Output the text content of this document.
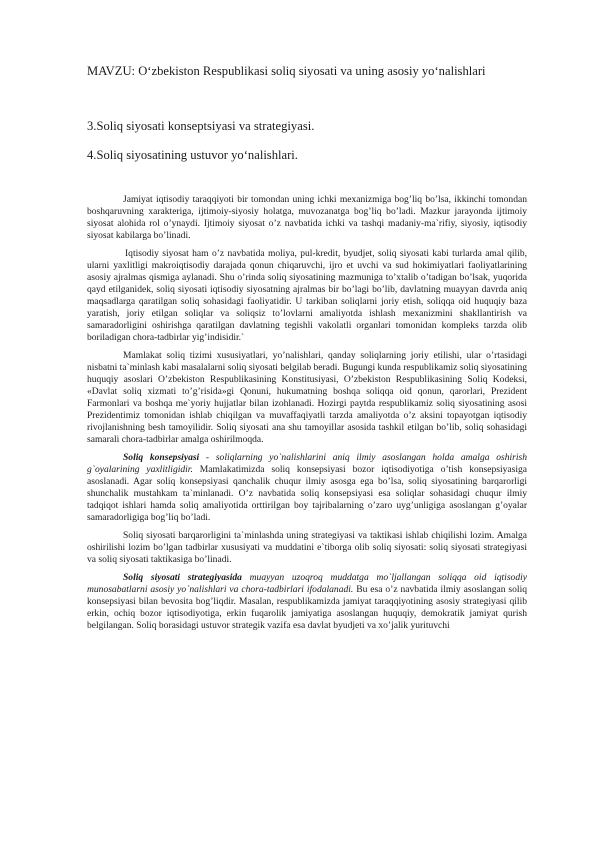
MAVZU: O‘zbekiston Respublikasi soliq siyosati va uning asosiy yo‘nalishlari
3.Soliq siyosati konseptsiyasi va strategiyasi.
4.Soliq siyosatining ustuvor yo‘nalishlari.

Jamiyat iqtisodiy taraqqiyoti bir tomondan uning ichki mexanizmiga bog’liq bo’lsa, ikkinchi tomondan boshqaruvning xarakteriga, ijtimoiy-siyosiy holatga, muvozanatga bog’liq bo’ladi. Mazkur jarayonda ijtimoiy siyosat alohida rol o’ynaydi. Ijtimoiy siyosat o’z navbatida ichki va tashqi madaniy-ma`rifiy, siyosiy, iqtisodiy siyosat kabilarga bo’linadi.

Iqtisodiy siyosat ham o’z navbatida moliya, pul-kredit, byudjet, soliq siyosati kabi turlarda amal qilib, ularni yaxlitligi makroiqtisodiy darajada qonun chiqaruvchi, ijro et uvchi va sud hokimiyatlari faoliyatlarining asosiy ajralmas qismiga aylanadi. Shu o’rinda soliq siyosatining mazmuniga to’xtalib o’tadigan bo’lsak, yuqorida qayd etilganidek, soliq siyosati iqtisodiy siyosatning ajralmas bir bo’lagi bo’lib, davlatning muayyan davrda aniq maqsadlarga qaratilgan soliq sohasidagi faoliyatidir. U tarkiban soliqlarni joriy etish, soliqqa oid huquqiy baza yaratish, joriy etilgan soliqlar va soliqsiz to’lovlarni amaliyotda ishlash mexanizmini shakllantirish va samaradorligini oshirishga qaratilgan davlatning tegishli vakolatli organlari tomonidan kompleks tarzda olib boriladigan chora-tadbirlar yig’indisidir.`

Mamlakat soliq tizimi xususiyatlari, yo’nalishlari, qanday soliqlarning joriy etilishi, ular o’rtasidagi nisbatni ta`minlash kabi masalalarni soliq siyosati belgilab beradi. Bugungi kunda respublikamiz soliq siyosatining huquqiy asoslari O’zbekiston Respublikasining Konstitusiyasi, O’zbekiston Respublikasining Soliq Kodeksi, «Davlat soliq xizmati to’g’risida»gi Qonuni, hukumatning boshqa soliqqa oid qonun, qarorlari, Prezident Farmonlari va boshqa me`yoriy hujjatlar bilan izohlanadi. Hozirgi paytda respublikamiz soliq siyosatining asosi Prezidentimiz tomonidan ishlab chiqilgan va muvaffaqiyatli tarzda amaliyotda o’z aksini topayotgan iqtisodiy rivojlanishning besh tamoyilidir. Soliq siyosati ana shu tamoyillar asosida tashkil etilgan bo’lib, soliq sohasidagi samarali chora-tadbirlar amalga oshirilmoqda.

Soliq konsepsiyasi - soliqlarning yo`nalishlarini aniq ilmiy asoslangan holda amalga oshirish g`oyalarining yaxlitligidir. Mamlakatimizda soliq konsepsiyasi bozor iqtisodiyotiga o’tish konsepsiyasiga asoslanadi. Agar soliq konsepsiyasi qanchalik chuqur ilmiy asosga ega bo’lsa, soliq siyosatining barqarorligi shunchalik mustahkam ta`minlanadi. O’z navbatida soliq konsepsiyasi esa soliqlar sohasidagi chuqur ilmiy tadqiqot ishlari hamda soliq amaliyotida orttirilgan boy tajribalarning o’zaro uyg’unligiga asoslangan g’oyalar samaradorligiga bog’liq bo’ladi.

Soliq siyosati barqarorligini ta`minlashda uning strategiyasi va taktikasi ishlab chiqilishi lozim. Amalga oshirilishi lozim bo’lgan tadbirlar xususiyati va muddatini e`tiborga olib soliq siyosati: soliq siyosati strategiyasi va soliq siyosati taktikasiga bo’linadi.

Soliq siyosati strategiyasida muayyan uzoqroq muddatga mo`ljallangan soliqqa oid iqtisodiy munosabatlarni asosiy yo`nalishlari va chora-tadbirlari ifodalanadi. Bu esa o’z navbatida ilmiy asoslangan soliq konsepsiyasi bilan bevosita bog’liqdir. Masalan, respublikamizda jamiyat taraqqiyotining asosiy strategiyasi qilib erkin, ochiq bozor iqtisodiyotiga, erkin fuqarolik jamiyatiga asoslangan huquqiy, demokratik jamiyat qurish belgilangan. Soliq borasidagi ustuvor strategik vazifa esa davlat byudjeti va xo’jalik yurituvchi
